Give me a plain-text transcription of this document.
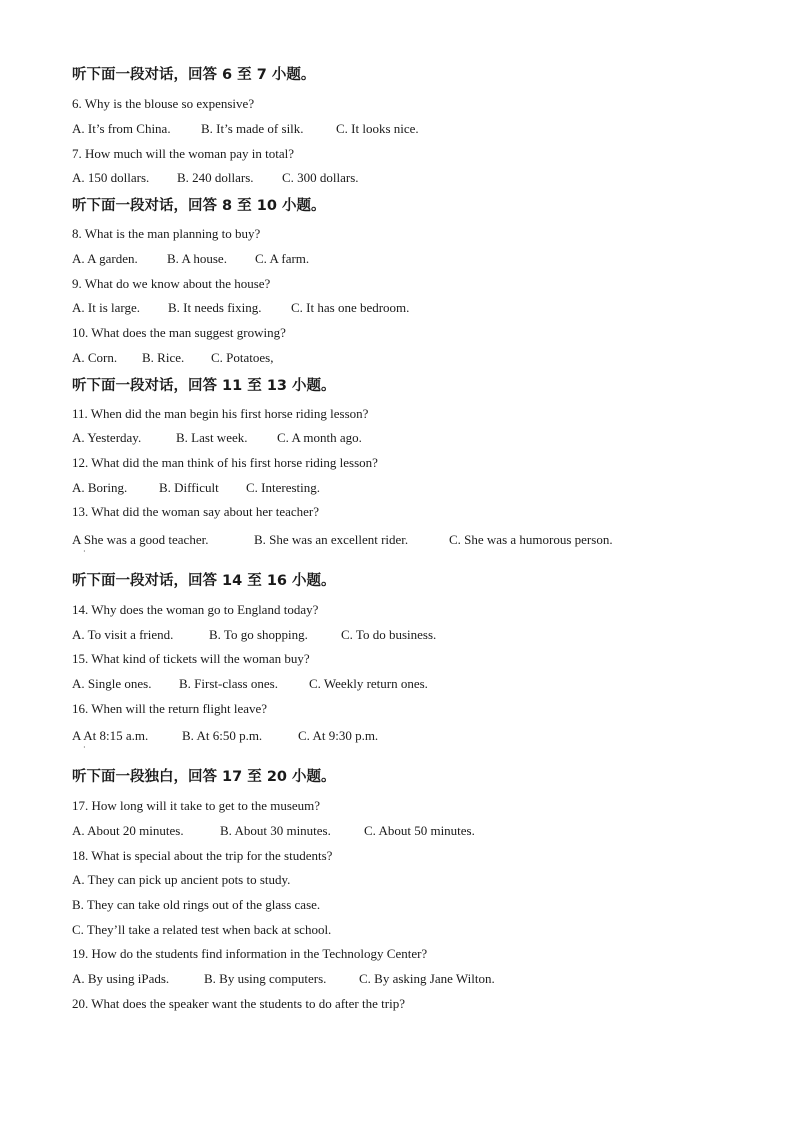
听下面一段对话，回答 6 至 7 小题。
6. Why is the blouse so expensive?
A. It’s from China. B. It’s made of silk. C. It looks nice.
7. How much will the woman pay in total?
A. 150 dollars. B. 240 dollars. C. 300 dollars.
听下面一段对话，回答 8 至 10 小题。
8. What is the man planning to buy?
A. A garden. B. A house. C. A farm.
9. What do we know about the house?
A. It is large. B. It needs fixing. C. It has one bedroom.
10. What does the man suggest growing?
A. Corn. B. Rice. C. Potatoes,
听下面一段对话，回答 11 至 13 小题。
11. When did the man begin his first horse riding lesson?
A. Yesterday.	B. Last week. C. A month ago.
12. What did the man think of his first horse riding lesson?
A. Boring. B. Difficult C. Interesting.
13. What did the woman say about her teacher?
A She was a good teacher.	B. She was an excellent rider.	C. She was a humorous person.
·
听下面一段对话，回答 14 至 16 小题。
14. Why does the woman go to England today?
A. To visit a friend.	B. To go shopping.	C. To do business.
15. What kind of tickets will the woman buy?
A. Single ones. B. First-class ones. C. Weekly return ones.
16. When will the return flight leave?
A At 8:15 a.m.	B. At 6:50 p.m.	C. At 9:30 p.m.
·
听下面一段独白，回答 17 至 20 小题。
17. How long will it take to get to the museum?
A. About 20 minutes.	B. About 30 minutes.	C. About 50 minutes.
18. What is special about the trip for the students?
A. They can pick up ancient pots to study.
B. They can take old rings out of the glass case.
C. They’ll take a related test when back at school.
19. How do the students find information in the Technology Center?
A. By using iPads.	B. By using computers.	C. By asking Jane Wilton.
20. What does the speaker want the students to do after the trip?
